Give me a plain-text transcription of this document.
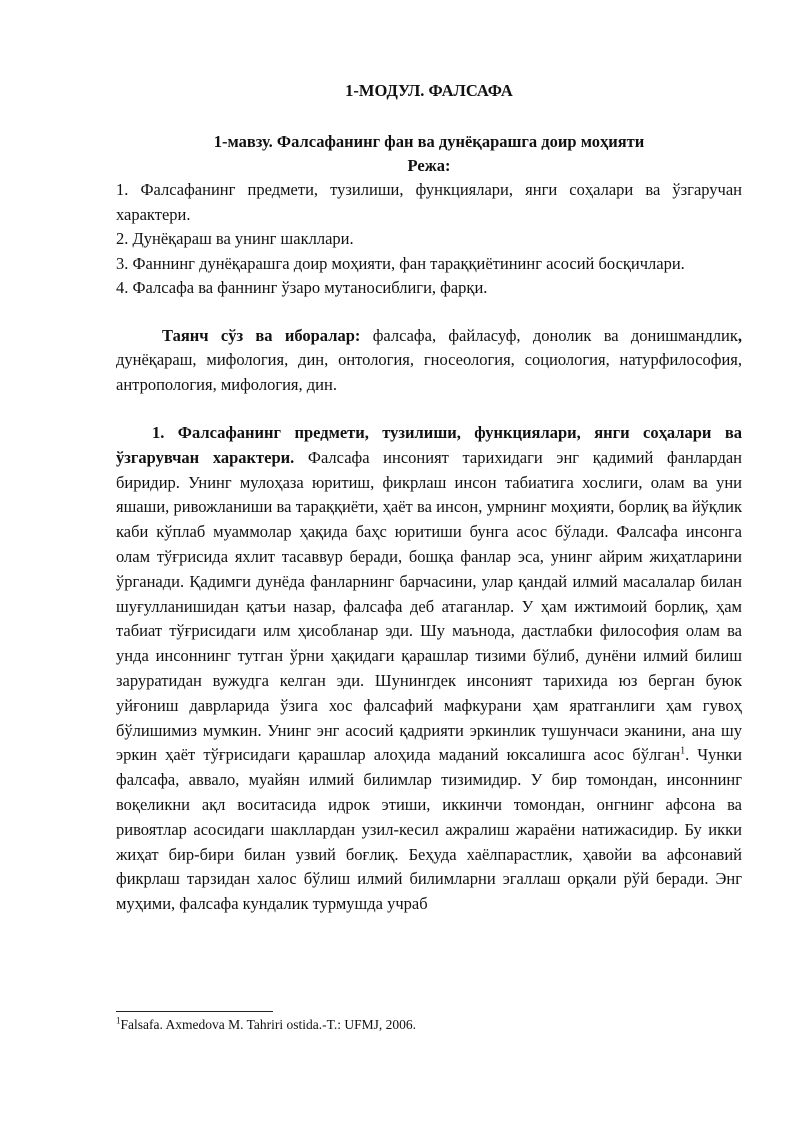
1-МОДУЛ. ФАЛСАФА
1-мавзу. Фалсафанинг фан ва дунёқарашга доир моҳияти
Режа:
1. Фалсафанинг предмети, тузилиши, функциялари, янги соҳалари ва ўзгаручан характери.
2. Дунёқараш ва унинг шакллари.
3. Фаннинг дунёқарашга доир моҳияти, фан тараққиётининг асосий босқичлари.
4. Фалсафа ва фаннинг ўзаро мутаносиблиги, фарқи.

Таянч сўз ва иборалар: фалсафа, файласуф, донолик ва донишмандлик, дунёқараш, мифология, дин, онтология, гносеология, социология, натурфилософия, антропология, мифология, дин.

1. Фалсафанинг предмети, тузилиши, функциялари, янги соҳалари ва ўзгарувчан характери. Фалсафа инсоният тарихидаги энг қадимий фанлардан биридир. Унинг мулоҳаза юритиш, фикрлаш инсон табиатига хослиги, олам ва уни яшаши, ривожланиши ва тараққиёти, ҳаёт ва инсон, умрнинг моҳияти, борлиқ ва йўқлик каби кўплаб муаммолар ҳақида баҳс юритиши бунга асос бўлади. Фалсафа инсонга олам тўғрисида яхлит тасаввур беради, бошқа фанлар эса, унинг айрим жиҳатларини ўрганади. Қадимги дунёда фанларнинг барчасини, улар қандай илмий масалалар билан шуғулланишидан қатъи назар, фалсафа деб атаганлар. У ҳам ижтимоий борлиқ, ҳам табиат тўғрисидаги илм ҳисобланар эди. Шу маънода, дастлабки философия олам ва унда инсоннинг тутган ўрни ҳақидаги қарашлар тизими бўлиб, дунёни илмий билиш заруратидан вужудга келган эди. Шунингдек инсоният тарихида юз берган буюк уйғониш даврларида ўзига хос фалсафий мафкурани ҳам яратганлиги ҳам гувоҳ бўлишимиз мумкин. Унинг энг асосий қадрияти эркинлик тушунчаси эканини, ана шу эркин ҳаёт тўғрисидаги қарашлар алоҳида маданий юксалишга асос бўлган$^1$. Чунки фалсафа, аввало, муайян илмий билимлар тизимидир. У бир томондан, инсоннинг воқеликни ақл воситасида идрок этиши, иккинчи томондан, онгнинг афсона ва ривоятлар асосидаги шакллардан узил-кесил ажралиш жараёни натижасидир. Бу икки жиҳат бир-бири билан узвий боғлиқ. Беҳуда хаёлпарастлик, ҳавойи ва афсонавий фикрлаш тарзидан халос бўлиш илмий билимларни эгаллаш орқали рўй беради. Энг муҳими, фалсафа кундалик турмушда учраб

$^1$Falsafa. Axmedova M. Tahriri ostida.-T.: UFMJ, 2006.
